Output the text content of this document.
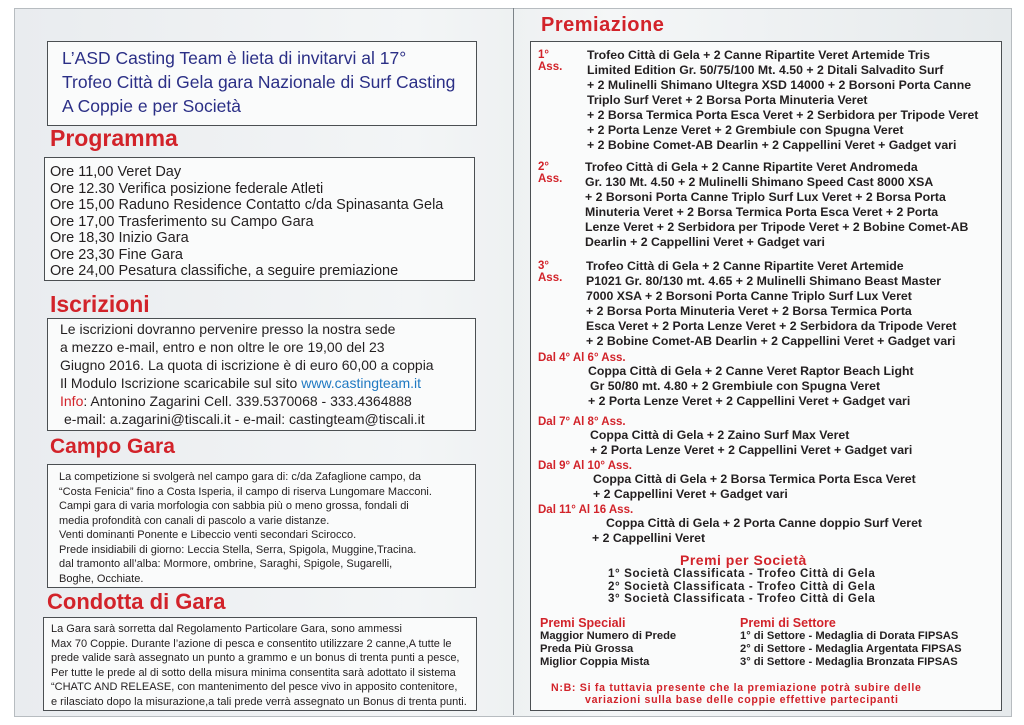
L’ASD Casting Team è lieta di invitarvi al 17°
Trofeo Città di Gela gara Nazionale di Surf Casting
A Coppie e per Società
Programma
Ore 11,00 Veret Day
Ore 12.30 Verifica posizione federale Atleti
Ore 15,00 Raduno Residence Contatto c/da Spinasanta Gela
Ore 17,00 Trasferimento su Campo Gara
Ore 18,30 Inizio Gara
Ore 23,30 Fine Gara
Ore 24,00 Pesatura classifiche, a seguire premiazione
Iscrizioni
Le iscrizioni dovranno pervenire presso la nostra sede
a mezzo e-mail, entro e non oltre le ore 19,00 del 23
Giugno 2016. La quota di iscrizione è di euro 60,00 a coppia
Il Modulo Iscrizione scaricabile sul sito www.castingteam.it
Info: Antonino Zagarini Cell. 339.5370068 - 333.4364888
e-mail: a.zagarini@tiscali.it - e-mail: castingteam@tiscali.it
Campo Gara
La competizione si svolgerà nel campo gara di: c/da Zafaglione campo, da
“Costa Fenicia” fino a Costa Isperia, il campo di riserva Lungomare Macconi.
Campi gara di varia morfologia con sabbia più o meno grossa, fondali di
media profondità con canali di pascolo a varie distanze.
Venti dominanti Ponente e Libeccio venti secondari Scirocco.
Prede insidiabili di giorno: Leccia Stella, Serra, Spigola, Muggine,Tracina.
dal tramonto all’alba: Mormore, ombrine, Saraghi, Spigole, Sugarelli,
Boghe, Occhiate.
Condotta di Gara
La Gara sarà sorretta dal Regolamento Particolare Gara, sono ammessi
Max 70 Coppie. Durante l’azione di pesca e consentito utilizzare 2 canne,A tutte le
prede valide sarà assegnato un punto a grammo e un bonus di trenta punti a pesce,
Per tutte le prede al di sotto della misura minima consentita sarà adottato il sistema
“CHATC AND RELEASE, con mantenimento del pesce vivo in apposito contenitore,
e rilasciato dopo la misurazione,a tali prede verrà assegnato un Bonus di trenta punti.
Premiazione
1° Ass.
Trofeo Città di Gela + 2 Canne Ripartite Veret Artemide Tris
Limited Edition Gr. 50/75/100 Mt. 4.50 + 2 Ditali Salvadito Surf
+ 2 Mulinelli Shimano Ultegra XSD 14000 + 2 Borsoni Porta Canne
Triplo Surf Veret + 2 Borsa Porta Minuteria Veret
+ 2 Borsa Termica Porta Esca Veret + 2 Serbidora per Tripode Veret
+ 2 Porta Lenze Veret + 2 Grembiule con Spugna Veret
+ 2 Bobine Comet-AB Dearlin + 2 Cappellini Veret + Gadget vari
2° Ass.
Trofeo Città di Gela + 2 Canne Ripartite Veret Andromeda
Gr. 130 Mt. 4.50 + 2 Mulinelli Shimano Speed Cast 8000 XSA
+ 2 Borsoni Porta Canne Triplo Surf Lux Veret + 2 Borsa Porta
Minuteria Veret + 2 Borsa Termica Porta Esca Veret + 2 Porta
Lenze Veret + 2 Serbidora per Tripode Veret + 2 Bobine Comet-AB
Dearlin + 2 Cappellini Veret + Gadget vari
3° Ass.
Trofeo Città di Gela + 2 Canne Ripartite Veret Artemide
P1021 Gr. 80/130 mt. 4.65 + 2 Mulinelli Shimano Beast Master
7000 XSA + 2 Borsoni Porta Canne Triplo Surf Lux Veret
+ 2 Borsa Porta Minuteria Veret + 2 Borsa Termica Porta
Esca Veret + 2 Porta Lenze Veret + 2 Serbidora da Tripode Veret
+ 2 Bobine Comet-AB Dearlin + 2 Cappellini Veret + Gadget vari
Dal 4° Al 6° Ass.
Coppa Città di Gela + 2 Canne Veret Raptor Beach Light
Gr 50/80 mt. 4.80 + 2 Grembiule con Spugna Veret
+ 2 Porta Lenze Veret + 2 Cappellini Veret + Gadget vari
Dal 7° Al 8° Ass.
Coppa Città di Gela + 2 Zaino Surf Max Veret
+ 2 Porta Lenze Veret + 2 Cappellini Veret + Gadget vari
Dal 9° Al 10° Ass.
Coppa Città di Gela + 2 Borsa Termica Porta Esca Veret
+ 2 Cappellini Veret + Gadget vari
Dal 11° Al 16 Ass.
Coppa Città di Gela + 2 Porta Canne doppio Surf Veret
+ 2 Cappellini Veret
Premi per Società
1° Società Classificata - Trofeo Città di Gela
2° Società Classificata - Trofeo Città di Gela
3° Società Classificata - Trofeo Città di Gela
Premi Speciali
Maggior Numero di Prede
Preda Più Grossa
Miglior Coppia Mista
Premi di Settore
1° di Settore - Medaglia di Dorata FIPSAS
2° di Settore - Medaglia Argentata FIPSAS
3° di Settore - Medaglia Bronzata FIPSAS
N:B: Si fa tuttavia presente che la premiazione potrà subire delle
variazioni sulla base delle coppie effettive partecipanti
